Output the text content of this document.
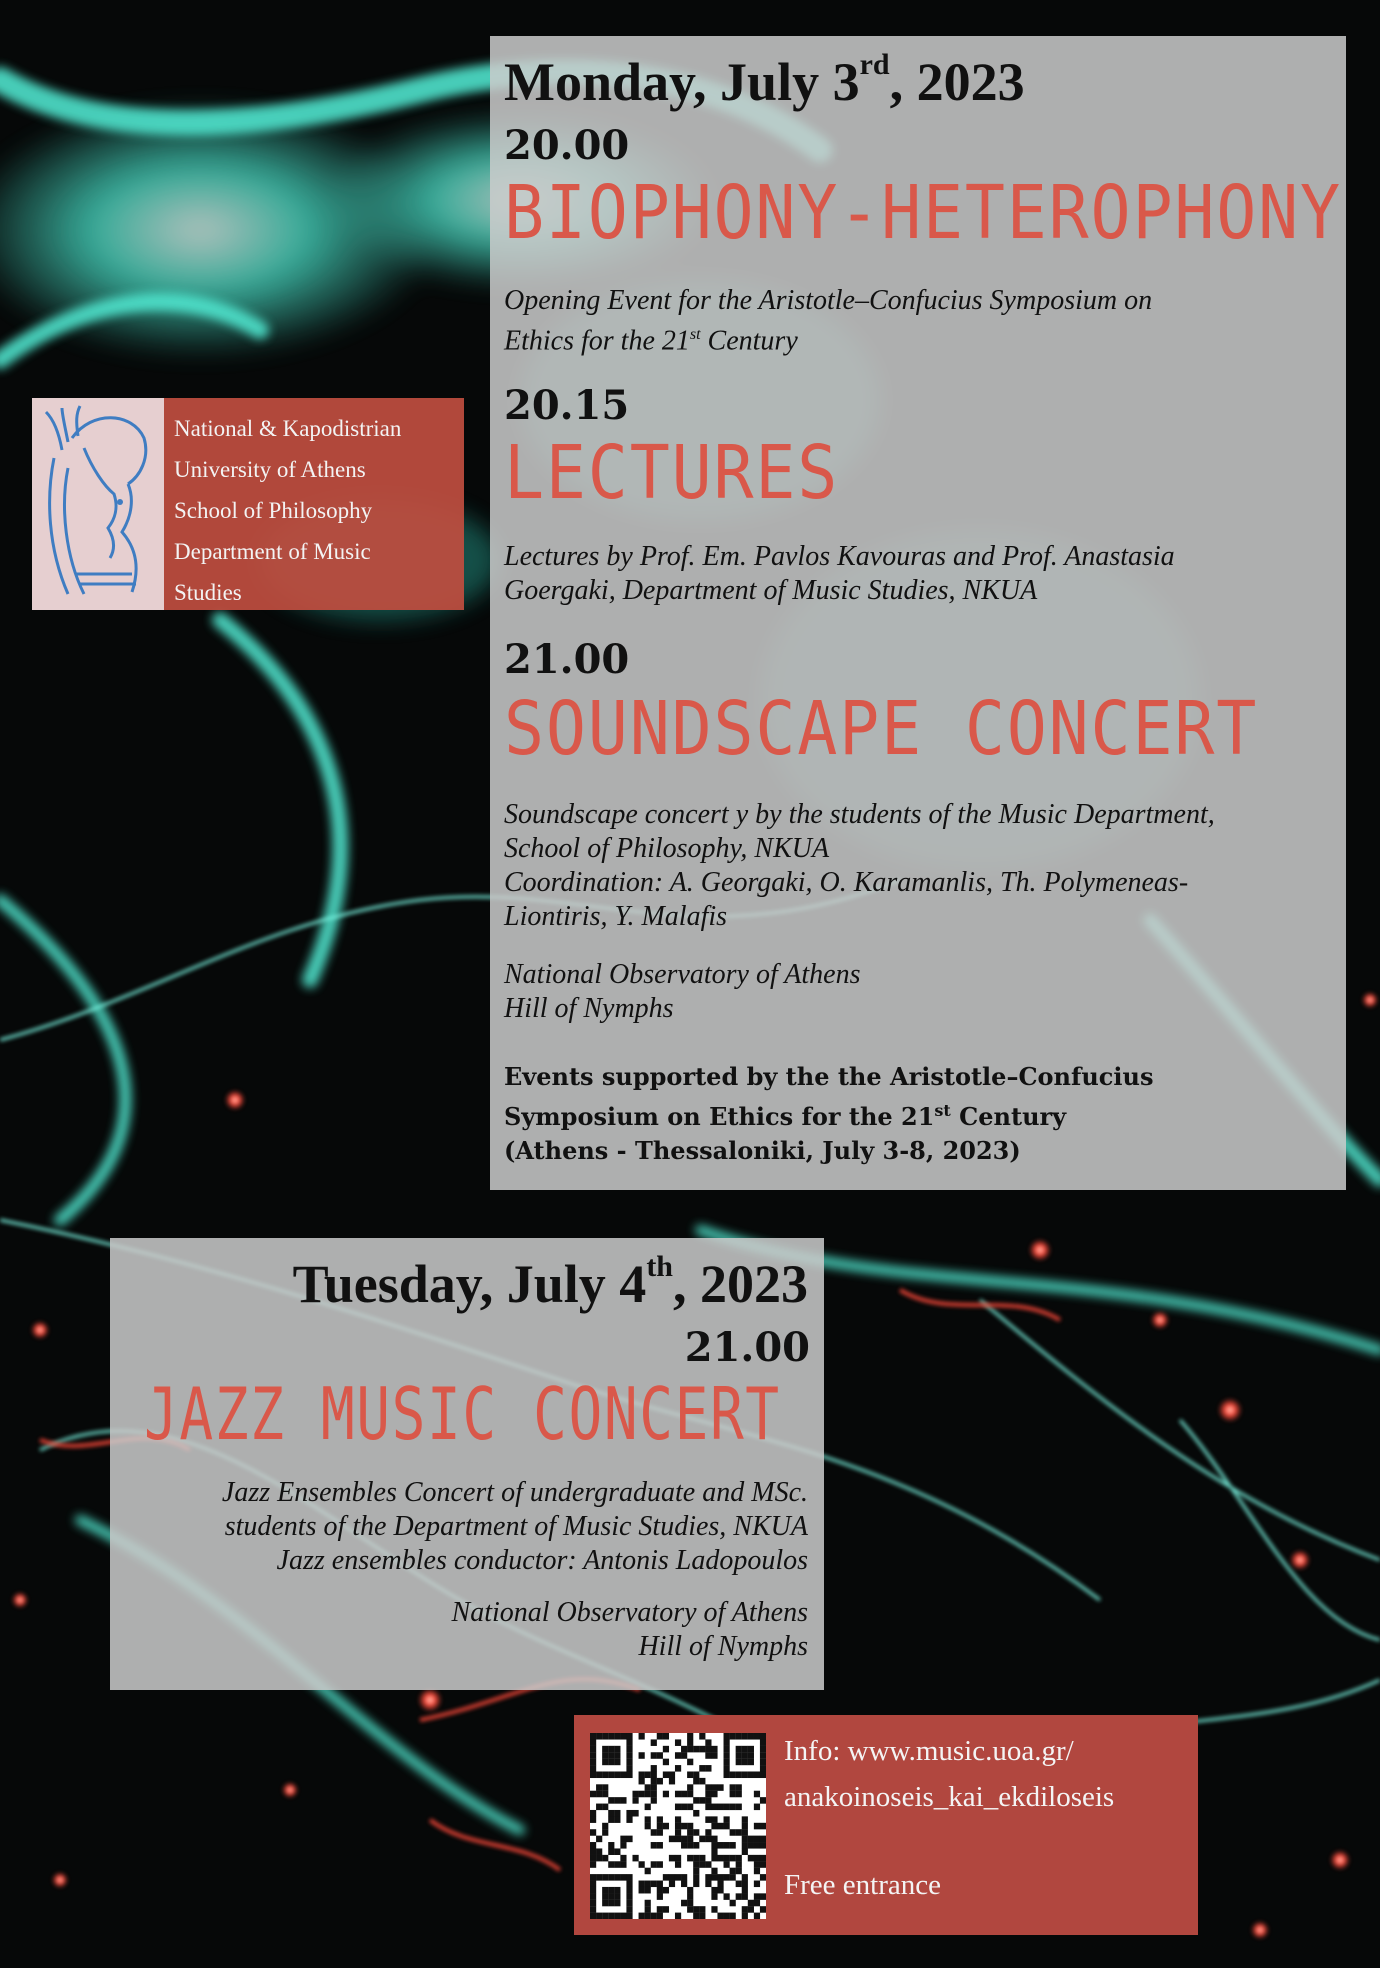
National & Kapodistrian
University of Athens
School of Philosophy
Department of Music
Studies
Monday, July 3rd, 2023
20.00
BIOPHONY-HETEROPHONY
Opening Event for the Aristotle–Confucius Symposium on
Ethics for the 21st Century
20.15
LECTURES
Lectures by Prof. Em. Pavlos Kavouras and Prof. Anastasia
Goergaki, Department of Music Studies, NKUA
21.00
SOUNDSCAPE CONCERT
Soundscape concert y by the students of the Music Department,
School of Philosophy, NKUA
Coordination: A. Georgaki, O. Karamanlis, Th. Polymeneas-
Liontiris, Y. Malafis
National Observatory of Athens
Hill of Nymphs
Events supported by the the Aristotle–Confucius
Symposium on Ethics for the 21st Century
(Athens - Thessaloniki, July 3-8, 2023)
Tuesday, July 4th, 2023
21.00
JAZZ MUSIC CONCERT
Jazz Ensembles Concert of undergraduate and MSc.
students of the Department of Music Studies, NKUA
Jazz ensembles conductor: Antonis Ladopoulos
National Observatory of Athens
Hill of Nymphs
Info: www.music.uoa.gr/
anakoinoseis_kai_ekdiloseis
Free entrance
